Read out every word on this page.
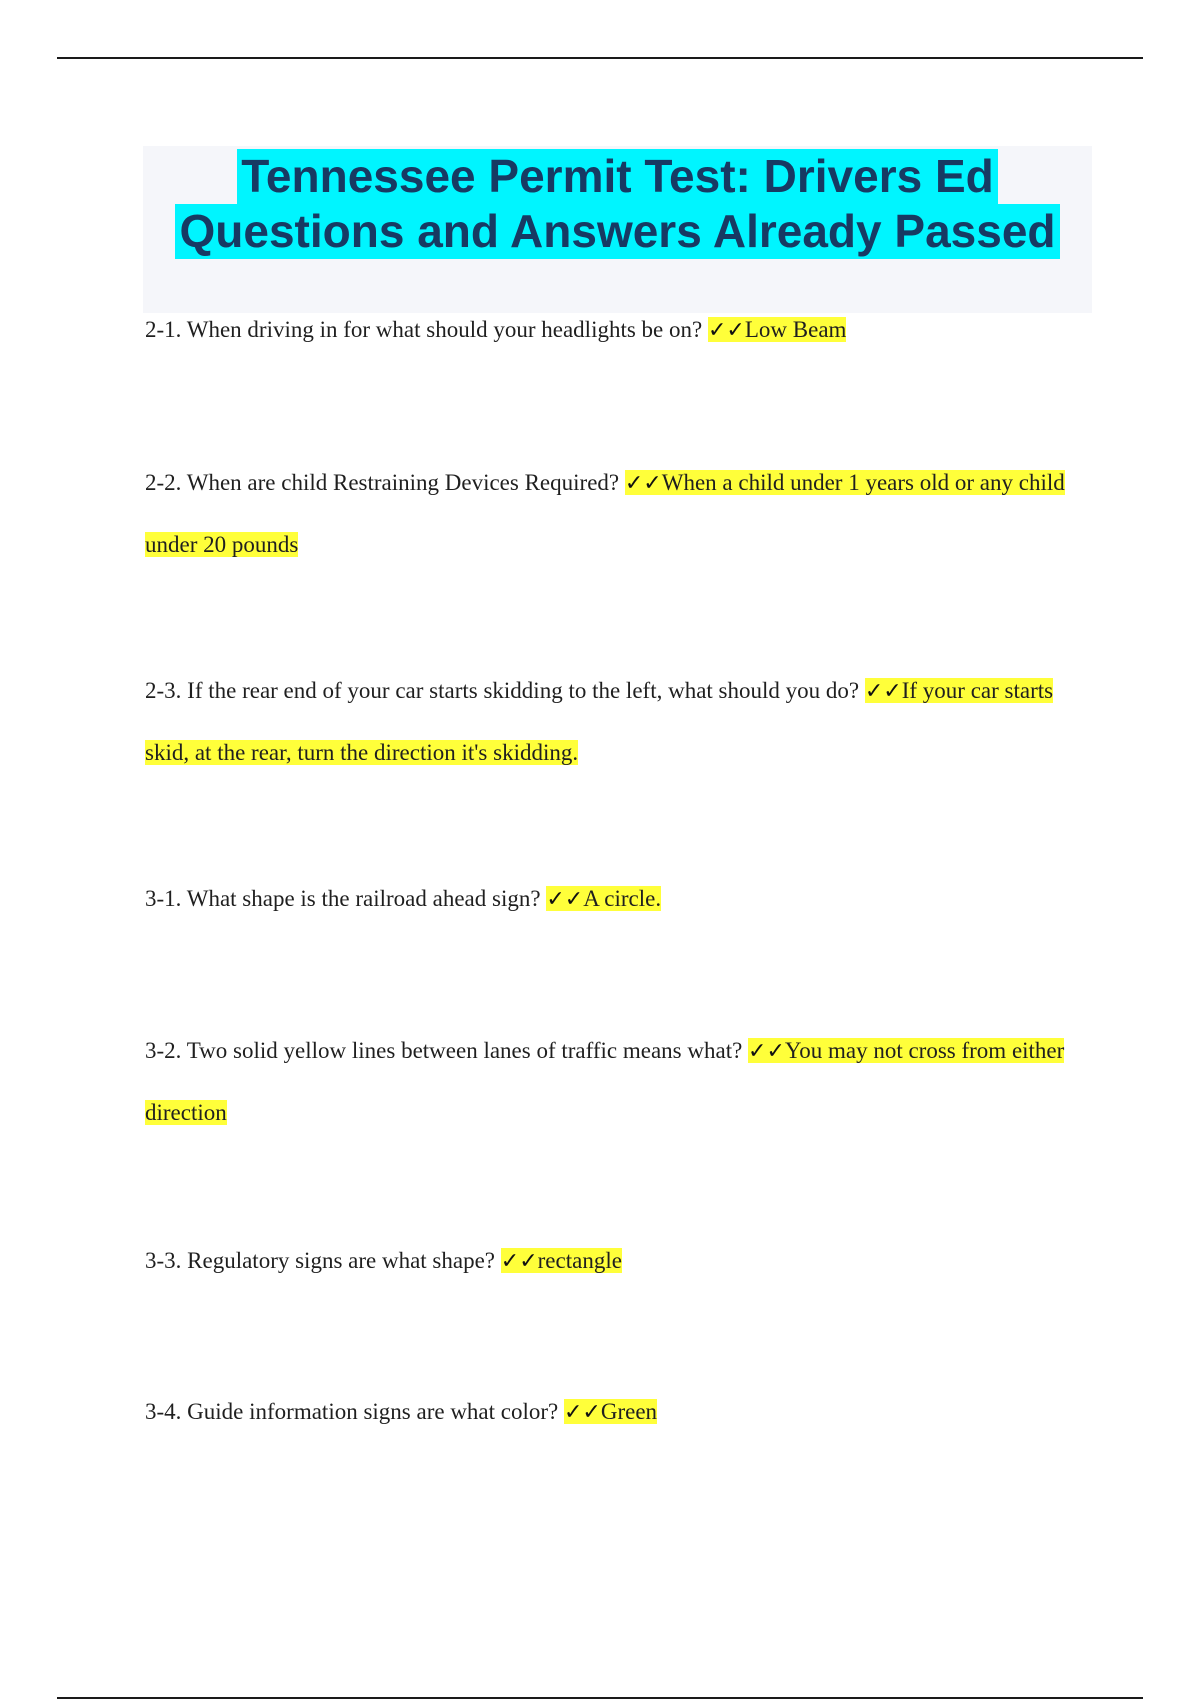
Tennessee Permit Test: Drivers Ed
Questions and Answers Already Passed

2-1. When driving in for what should your headlights be on? ✓✓Low Beam

2-2. When are child Restraining Devices Required? ✓✓When a child under 1 years old or any child under 20 pounds

2-3. If the rear end of your car starts skidding to the left, what should you do? ✓✓If your car starts skid, at the rear, turn the direction it's skidding.

3-1. What shape is the railroad ahead sign? ✓✓A circle.

3-2. Two solid yellow lines between lanes of traffic means what? ✓✓You may not cross from either direction

3-3. Regulatory signs are what shape? ✓✓rectangle

3-4. Guide information signs are what color? ✓✓Green
